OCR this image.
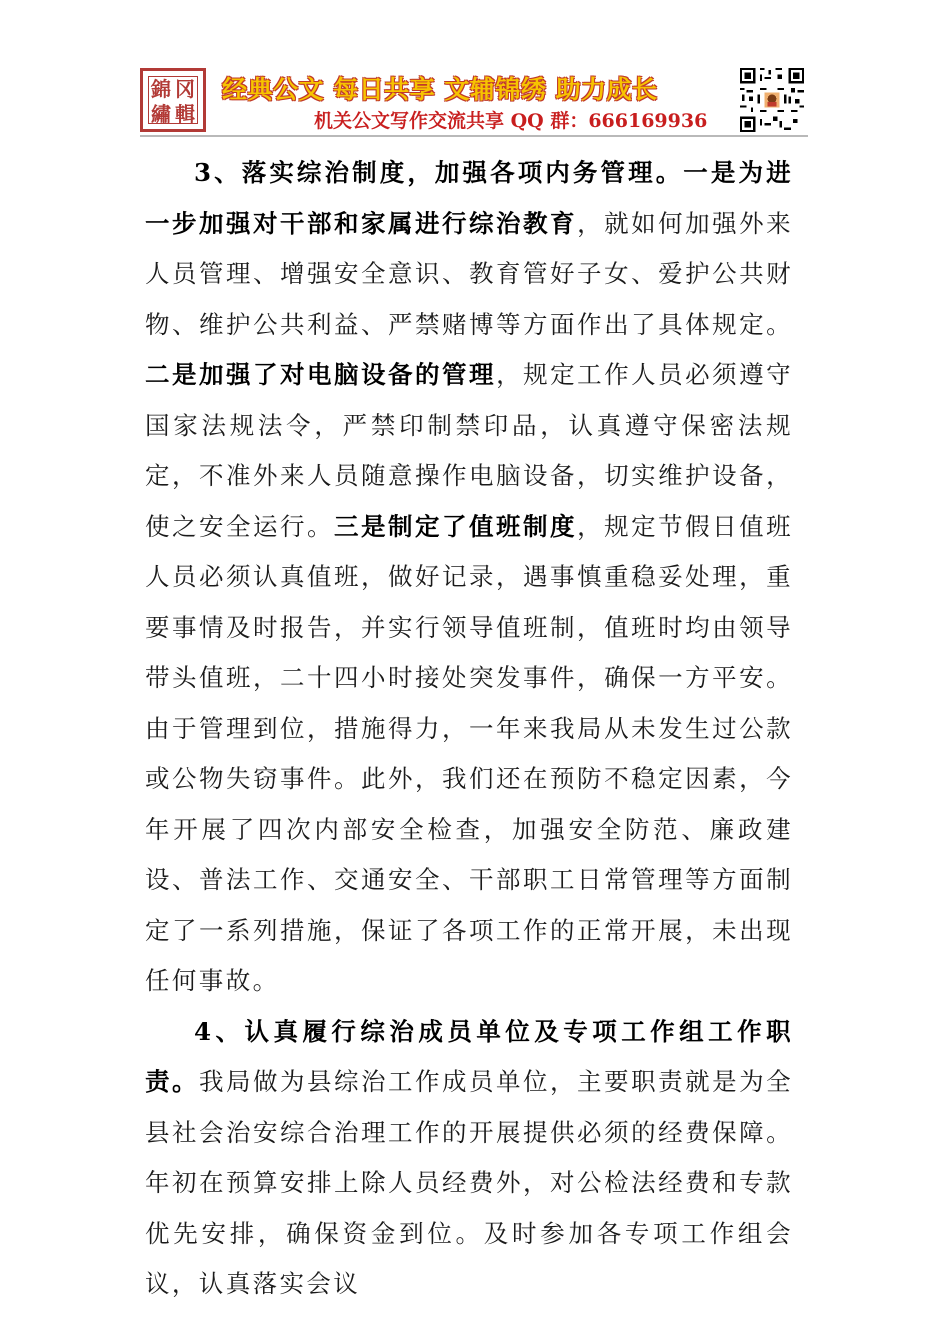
錦 冈
繡 輯
经典公文 每日共享 文辅锦绣 助力成长
机关公文写作交流共享 QQ 群：666169936

3、落实综治制度，加强各项内务管理。一是为进一步加强对干部和家属进行综治教育，就如何加强外来人员管理、增强安全意识、教育管好子女、爱护公共财物、维护公共利益、严禁赌博等方面作出了具体规定。二是加强了对电脑设备的管理，规定工作人员必须遵守国家法规法令，严禁印制禁印品，认真遵守保密法规定，不准外来人员随意操作电脑设备，切实维护设备，使之安全运行。三是制定了值班制度，规定节假日值班人员必须认真值班，做好记录，遇事慎重稳妥处理，重要事情及时报告，并实行领导值班制，值班时均由领导带头值班，二十四小时接处突发事件，确保一方平安。由于管理到位，措施得力，一年来我局从未发生过公款或公物失窃事件。此外，我们还在预防不稳定因素，今年开展了四次内部安全检查，加强安全防范、廉政建设、普法工作、交通安全、干部职工日常管理等方面制定了一系列措施，保证了各项工作的正常开展，未出现任何事故。

4、认真履行综治成员单位及专项工作组工作职责。我局做为县综治工作成员单位，主要职责就是为全县社会治安综合治理工作的开展提供必须的经费保障。年初在预算安排上除人员经费外，对公检法经费和专款优先安排，确保资金到位。及时参加各专项工作组会议，认真落实会议
